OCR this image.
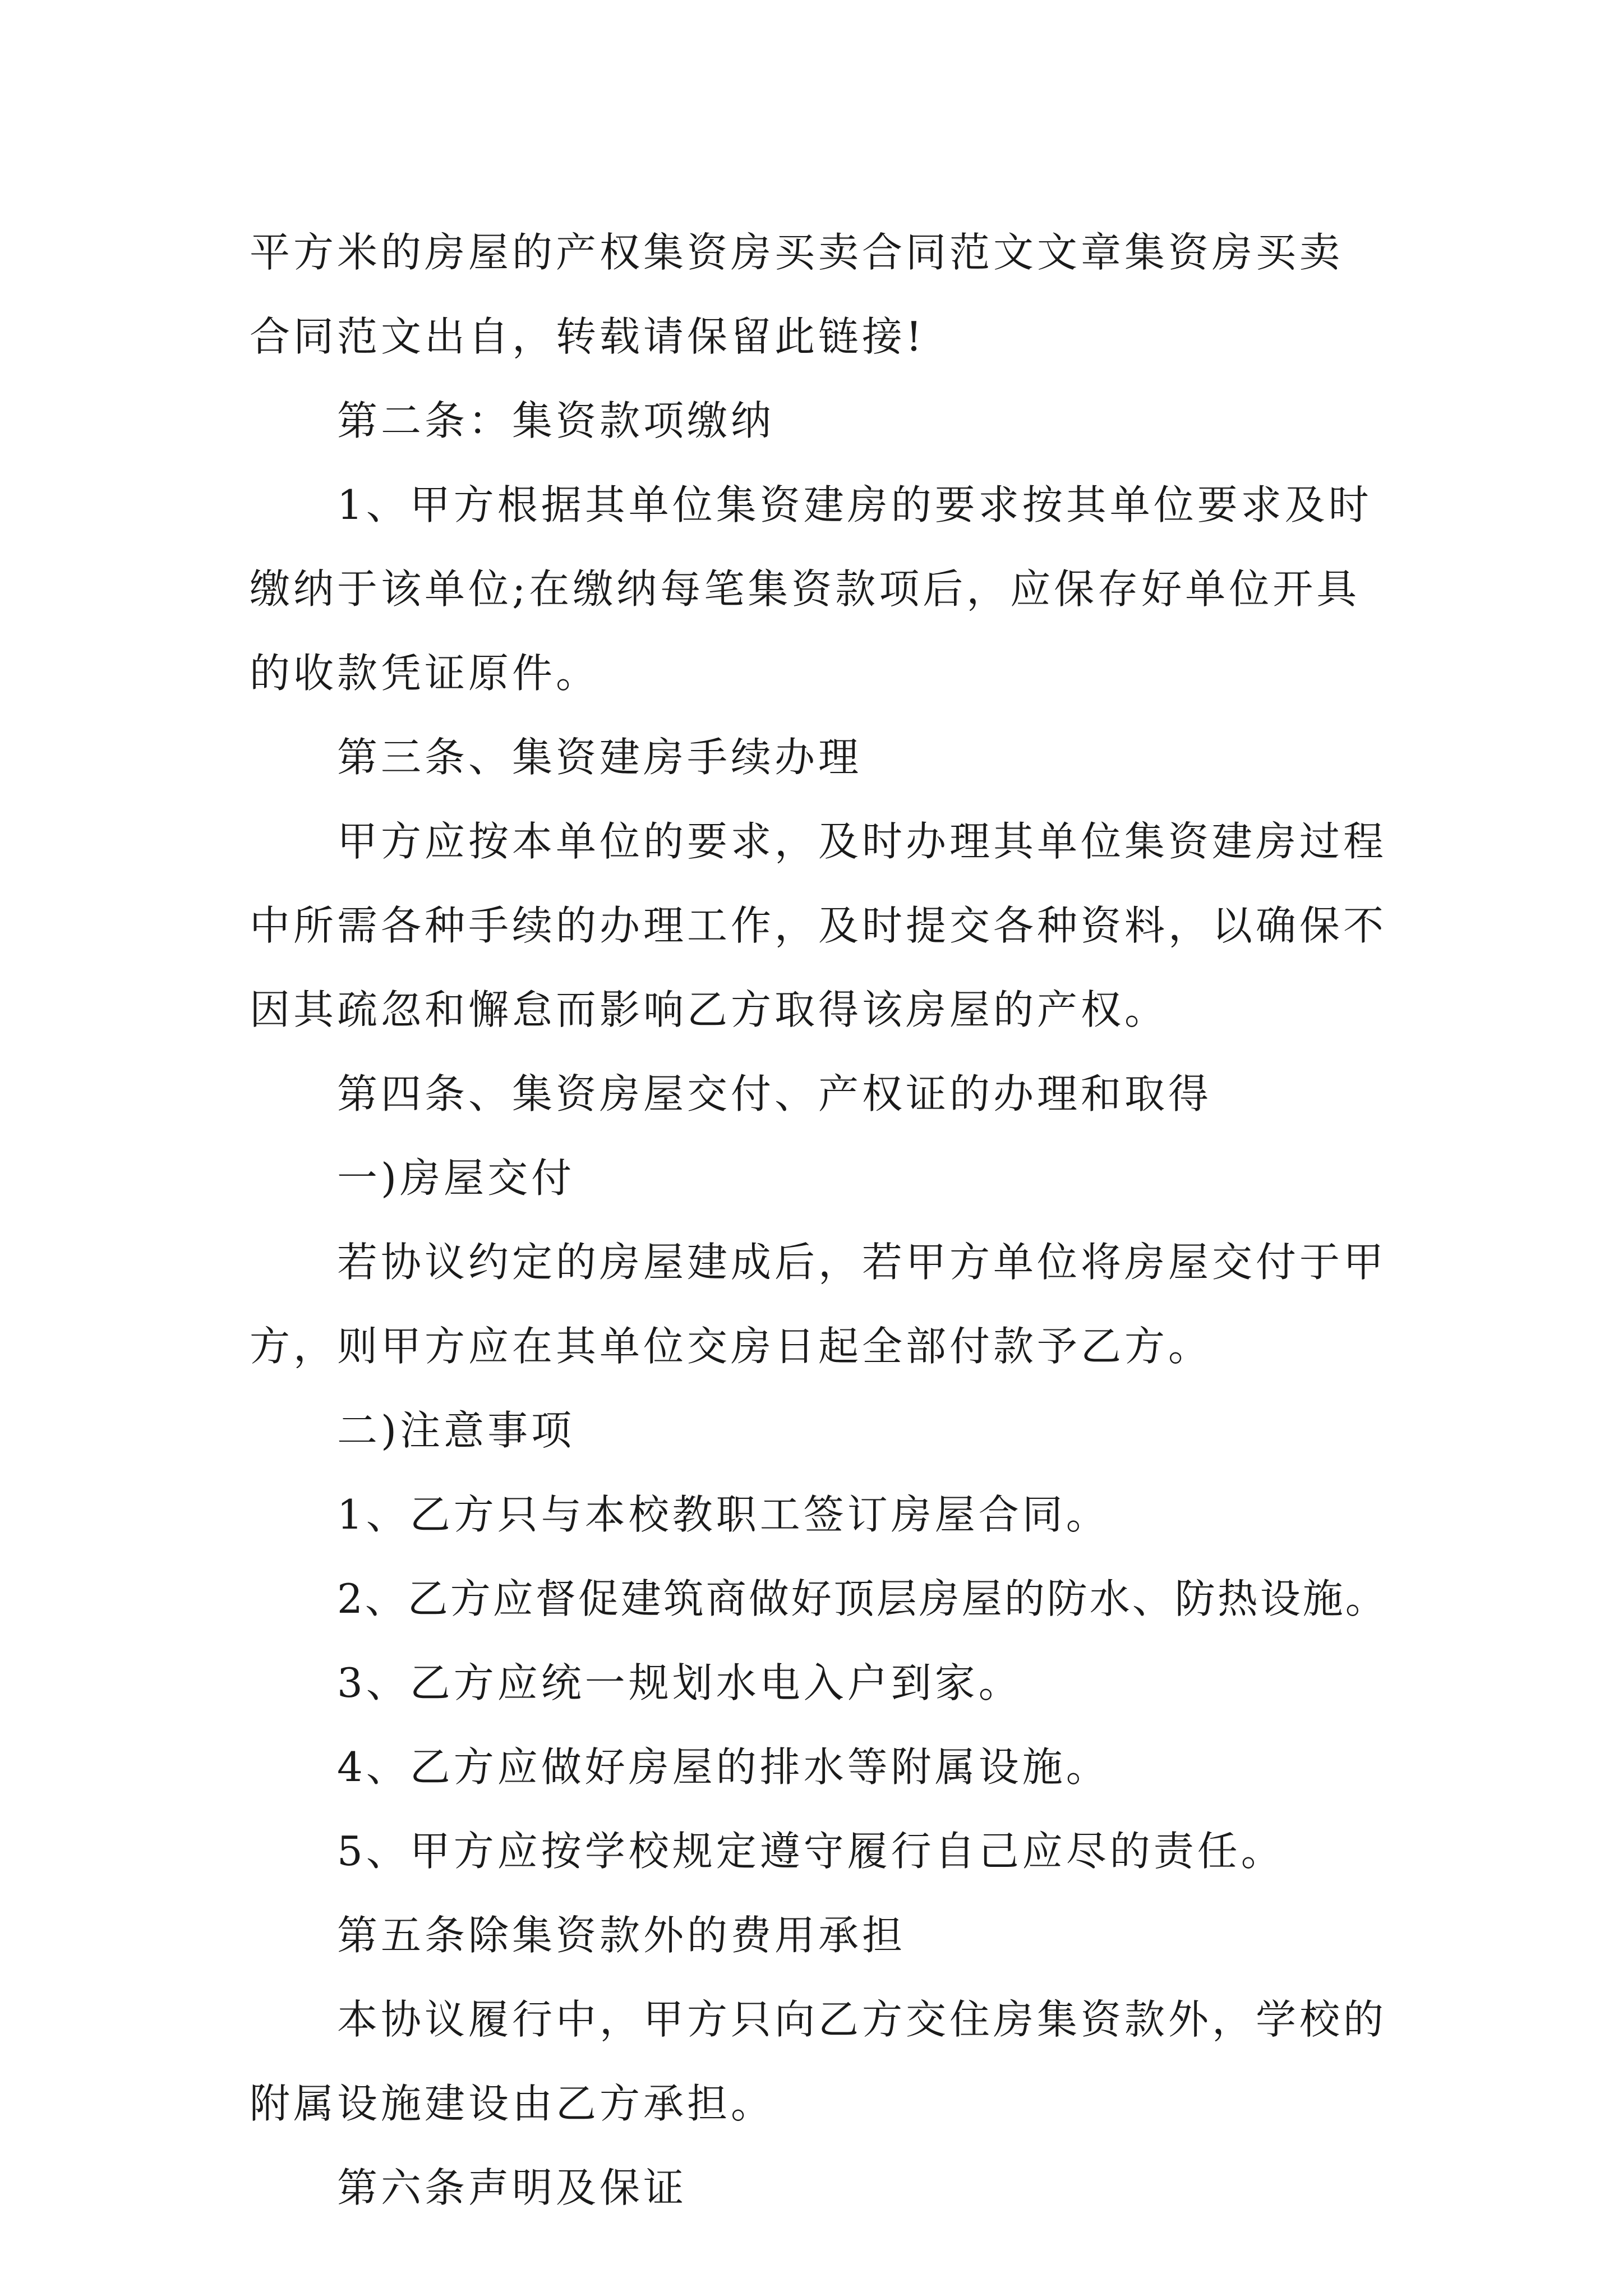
平方米的房屋的产权集资房买卖合同范文文章集资房买卖
合同范文出自，转载请保留此链接!
第二条：集资款项缴纳
1、甲方根据其单位集资建房的要求按其单位要求及时
缴纳于该单位;在缴纳每笔集资款项后，应保存好单位开具
的收款凭证原件。
第三条、集资建房手续办理
甲方应按本单位的要求，及时办理其单位集资建房过程
中所需各种手续的办理工作，及时提交各种资料，以确保不
因其疏忽和懈怠而影响乙方取得该房屋的产权。
第四条、集资房屋交付、产权证的办理和取得
一)房屋交付
若协议约定的房屋建成后，若甲方单位将房屋交付于甲
方，则甲方应在其单位交房日起全部付款予乙方。
二)注意事项
1、乙方只与本校教职工签订房屋合同。
2、乙方应督促建筑商做好顶层房屋的防水、防热设施。
3、乙方应统一规划水电入户到家。
4、乙方应做好房屋的排水等附属设施。
5、甲方应按学校规定遵守履行自己应尽的责任。
第五条除集资款外的费用承担
本协议履行中，甲方只向乙方交住房集资款外，学校的
附属设施建设由乙方承担。
第六条声明及保证
